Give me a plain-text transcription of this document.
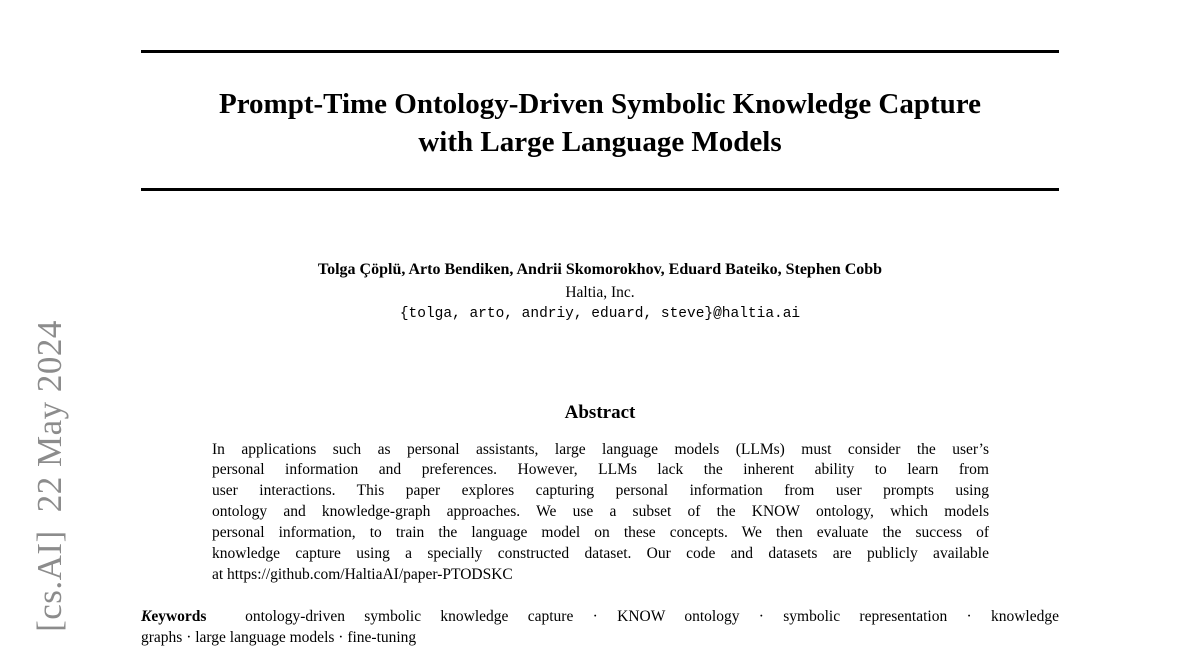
Prompt-Time Ontology-Driven Symbolic Knowledge Capture
with Large Language Models
Tolga Çöplü, Arto Bendiken, Andrii Skomorokhov, Eduard Bateiko, Stephen Cobb
Haltia, Inc.
{tolga, arto, andriy, eduard, steve}@haltia.ai
Abstract
In applications such as personal assistants, large language models (LLMs) must consider the user’s
personal information and preferences. However, LLMs lack the inherent ability to learn from
user interactions. This paper explores capturing personal information from user prompts using
ontology and knowledge-graph approaches. We use a subset of the KNOW ontology, which models
personal information, to train the language model on these concepts. We then evaluate the success of
knowledge capture using a specially constructed dataset. Our code and datasets are publicly available
at https://github.com/HaltiaAI/paper-PTODSKC
Keywords ontology-driven symbolic knowledge capture · KNOW ontology · symbolic representation · knowledge
graphs · large language models · fine-tuning
[cs.AI]22 May 2024
